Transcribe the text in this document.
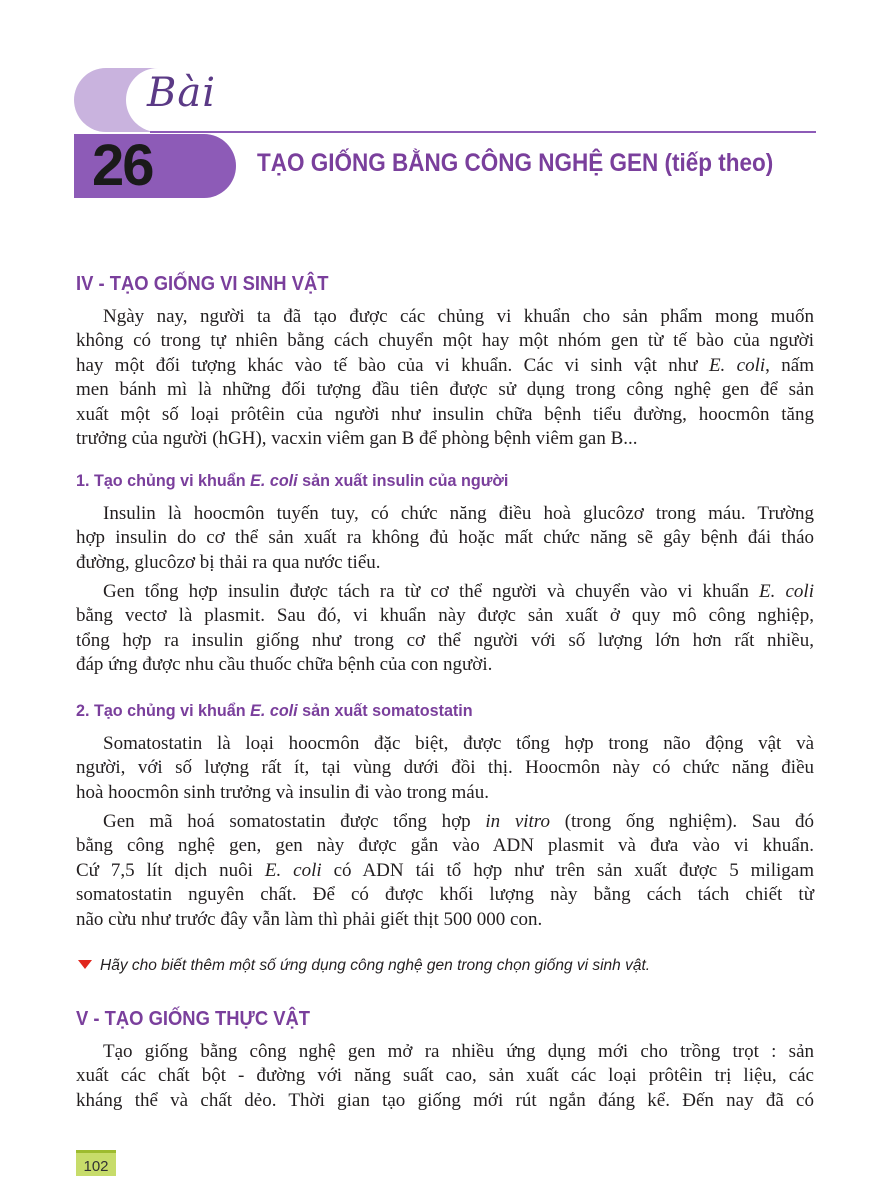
Bài
26	TẠO GIỐNG BẰNG CÔNG NGHỆ GEN (tiếp theo)
IV - TẠO GIỐNG VI SINH VẬT
Ngày nay, người ta đã tạo được các chủng vi khuẩn cho sản phẩm mong muốn
không có trong tự nhiên bằng cách chuyển một hay một nhóm gen từ tế bào của người
hay một đối tượng khác vào tế bào của vi khuẩn. Các vi sinh vật như E. coli, nấm
men bánh mì là những đối tượng đầu tiên được sử dụng trong công nghệ gen để sản
xuất một số loại prôtêin của người như insulin chữa bệnh tiểu đường, hoocmôn tăng
trưởng của người (hGH), vacxin viêm gan B để phòng bệnh viêm gan B...
1. Tạo chủng vi khuẩn E. coli sản xuất insulin của người
Insulin là hoocmôn tuyến tuy, có chức năng điều hoà glucôzơ trong máu. Trường
hợp insulin do cơ thể sản xuất ra không đủ hoặc mất chức năng sẽ gây bệnh đái tháo
đường, glucôzơ bị thải ra qua nước tiểu.
Gen tổng hợp insulin được tách ra từ cơ thể người và chuyển vào vi khuẩn E. coli
bằng vectơ là plasmit. Sau đó, vi khuẩn này được sản xuất ở quy mô công nghiệp,
tổng hợp ra insulin giống như trong cơ thể người với số lượng lớn hơn rất nhiều,
đáp ứng được nhu cầu thuốc chữa bệnh của con người.
2. Tạo chủng vi khuẩn E. coli sản xuất somatostatin
Somatostatin là loại hoocmôn đặc biệt, được tổng hợp trong não động vật và
người, với số lượng rất ít, tại vùng dưới đồi thị. Hoocmôn này có chức năng điều
hoà hoocmôn sinh trưởng và insulin đi vào trong máu.
Gen mã hoá somatostatin được tổng hợp in vitro (trong ống nghiệm). Sau đó
bằng công nghệ gen, gen này được gắn vào ADN plasmit và đưa vào vi khuẩn.
Cứ 7,5 lít dịch nuôi E. coli có ADN tái tổ hợp như trên sản xuất được 5 miligam
somatostatin nguyên chất. Để có được khối lượng này bằng cách tách chiết từ
não cừu như trước đây vẫn làm thì phải giết thịt 500 000 con.
Hãy cho biết thêm một số ứng dụng công nghệ gen trong chọn giống vi sinh vật.
V - TẠO GIỐNG THỰC VẬT
Tạo giống bằng công nghệ gen mở ra nhiều ứng dụng mới cho trồng trọt : sản
xuất các chất bột - đường với năng suất cao, sản xuất các loại prôtêin trị liệu, các
kháng thể và chất dẻo. Thời gian tạo giống mới rút ngắn đáng kể. Đến nay đã có
102
